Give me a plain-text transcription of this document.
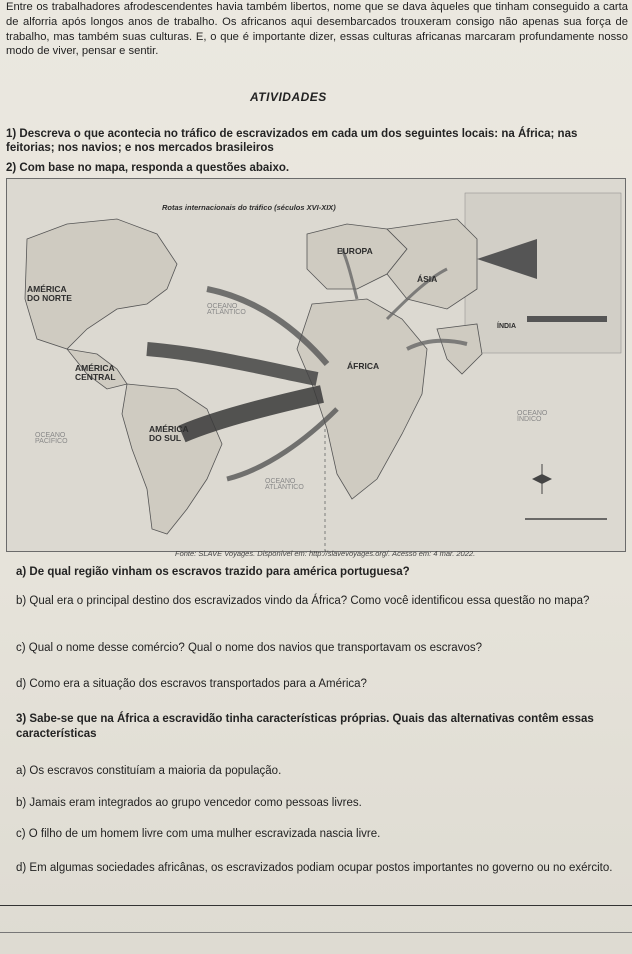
Entre os trabalhadores afrodescendentes havia também libertos, nome que se dava àqueles que tinham conseguido a carta de alforria após longos anos de trabalho. Os africanos aqui desembarcados trouxeram consigo não apenas sua força de trabalho, mas também suas culturas. E, o que é importante dizer, essas culturas africanas marcaram profundamente nosso modo de viver, pensar e sentir.
ATIVIDADES
1) Descreva o que acontecia no tráfico de escravizados em cada um dos seguintes locais: na África; nas feitorias; nos navios; e nos mercados brasileiros
2) Com base no mapa, responda a questões abaixo.
Rotas internacionais do tráfico (séculos XVI-XIX)
EUROPA
ÁSIA
AMÉRICA
DO NORTE
AMÉRICA
CENTRAL
AMÉRICA
DO SUL
ÁFRICA
ÍNDIA
OCEANO
ATLÂNTICO
OCEANO
ATLÂNTICO
OCEANO
PACÍFICO
OCEANO
ÍNDICO
Fonte: SLAVE Voyages. Disponível em: http://slavevoyages.org/. Acesso em: 4 mar. 2022.
a) De qual região vinham os escravos trazido para américa portuguesa?
b) Qual era o principal destino dos escravizados vindo da África? Como você identificou essa questão no mapa?
c) Qual o nome desse comércio? Qual o nome dos navios que transportavam os escravos?
d) Como era a situação dos escravos transportados para a América?
3) Sabe-se que na África a escravidão tinha características próprias. Quais das alternativas contêm essas características
a) Os escravos constituíam a maioria da população.
b) Jamais eram integrados ao grupo vencedor como pessoas livres.
c) O filho de um homem livre com uma mulher escravizada nascia livre.
d) Em algumas sociedades africânas, os escravizados podiam ocupar postos importantes no governo ou no exército.
